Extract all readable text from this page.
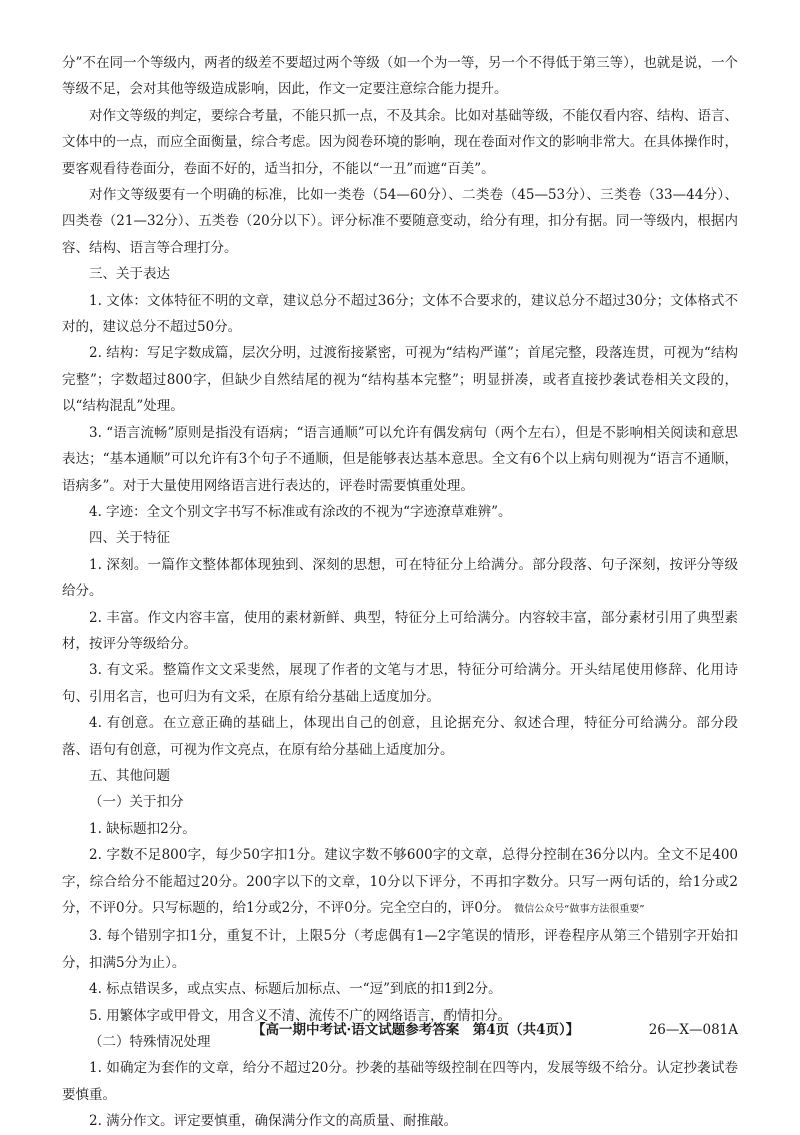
分”不在同一个等级内，两者的级差不要超过两个等级（如一个为一等，另一个不得低于第三等），也就是说，一个等级不足，会对其他等级造成影响，因此，作文一定要注意综合能力提升。

对作文等级的判定，要综合考量，不能只抓一点，不及其余。比如对基础等级，不能仅看内容、结构、语言、文体中的一点，而应全面衡量，综合考虑。因为阅卷环境的影响，现在卷面对作文的影响非常大。在具体操作时，要客观看待卷面分，卷面不好的，适当扣分，不能以“一丑”而遮“百美”。

对作文等级要有一个明确的标准，比如一类卷（54—60分）、二类卷（45—53分）、三类卷（33—44分）、四类卷（21—32分）、五类卷（20分以下）。评分标准不要随意变动，给分有理，扣分有据。同一等级内，根据内容、结构、语言等合理打分。

三、关于表达

1. 文体：文体特征不明的文章，建议总分不超过36分；文体不合要求的，建议总分不超过30分；文体格式不对的，建议总分不超过50分。

2. 结构：写足字数成篇，层次分明，过渡衔接紧密，可视为“结构严谨”；首尾完整，段落连贯，可视为“结构完整”；字数超过800字，但缺少自然结尾的视为“结构基本完整”；明显拼凑，或者直接抄袭试卷相关文段的，以“结构混乱”处理。

3. “语言流畅”原则是指没有语病；“语言通顺”可以允许有偶发病句（两个左右），但是不影响相关阅读和意思表达；“基本通顺”可以允许有3个句子不通顺，但是能够表达基本意思。全文有6个以上病句则视为“语言不通顺，语病多”。对于大量使用网络语言进行表达的，评卷时需要慎重处理。

4. 字迹：全文个别文字书写不标准或有涂改的不视为“字迹潦草难辨”。

四、关于特征

1. 深刻。一篇作文整体都体现独到、深刻的思想，可在特征分上给满分。部分段落、句子深刻，按评分等级给分。

2. 丰富。作文内容丰富，使用的素材新鲜、典型，特征分上可给满分。内容较丰富，部分素材引用了典型素材，按评分等级给分。

3. 有文采。整篇作文文采斐然，展现了作者的文笔与才思，特征分可给满分。开头结尾使用修辞、化用诗句、引用名言，也可归为有文采，在原有给分基础上适度加分。

4. 有创意。在立意正确的基础上，体现出自己的创意，且论据充分、叙述合理，特征分可给满分。部分段落、语句有创意，可视为作文亮点，在原有给分基础上适度加分。

五、其他问题

（一）关于扣分

1. 缺标题扣2分。

2. 字数不足800字，每少50字扣1分。建议字数不够600字的文章，总得分控制在36分以内。全文不足400字，综合给分不能超过20分。200字以下的文章，10分以下评分，不再扣字数分。只写一两句话的，给1分或2分，不评0分。只写标题的，给1分或2分，不评0分。完全空白的，评0分。 微信公众号“做事方法很重要”

3. 每个错别字扣1分，重复不计，上限5分（考虑偶有1—2字笔误的情形，评卷程序从第三个错别字开始扣分，扣满5分为止）。

4. 标点错误多，或点实点、标题后加标点、一“逗”到底的扣1到2分。

5. 用繁体字或甲骨文，用含义不清、流传不广的网络语言，酌情扣分。

（二）特殊情况处理

1. 如确定为套作的文章，给分不超过20分。抄袭的基础等级控制在四等内，发展等级不给分。认定抄袭试卷要慎重。

2. 满分作文。评定要慎重，确保满分作文的高质量、耐推敲。

【高一期中考试·语文试题参考答案　第4页（共4页）】	26—X—081A
